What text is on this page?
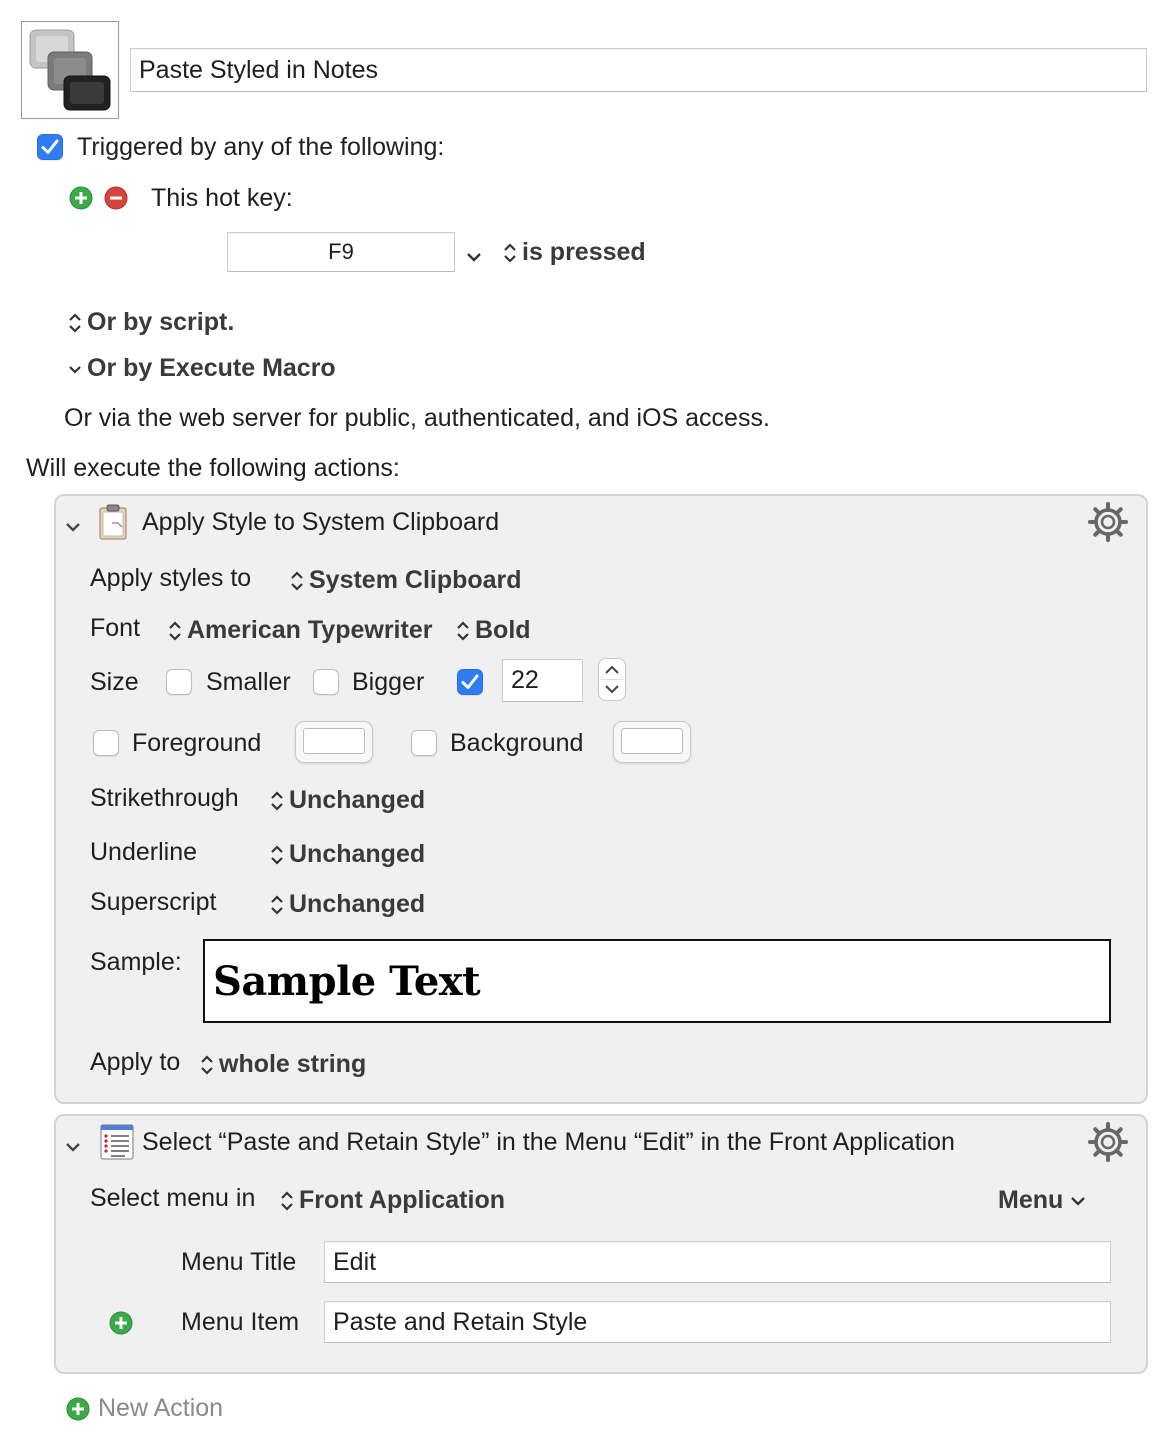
Paste Styled in Notes
Triggered by any of the following:
This hot key:
F9	is pressed
Or by script.
Or by Execute Macro
Or via the web server for public, authenticated, and iOS access.
Will execute the following actions:
Apply Style to System Clipboard
Apply styles to System Clipboard
Font American Typewriter Bold
Size	Smaller Bigger	22
Foreground	Background
Strikethrough Unchanged
Underline	Unchanged
Superscript	Unchanged
Sample: Sample Text
Apply to whole string
Select “Paste and Retain Style” in the Menu “Edit” in the Front Application
Select menu in Front Application	Menu
Menu Title Edit
Menu Item Paste and Retain Style
New Action
